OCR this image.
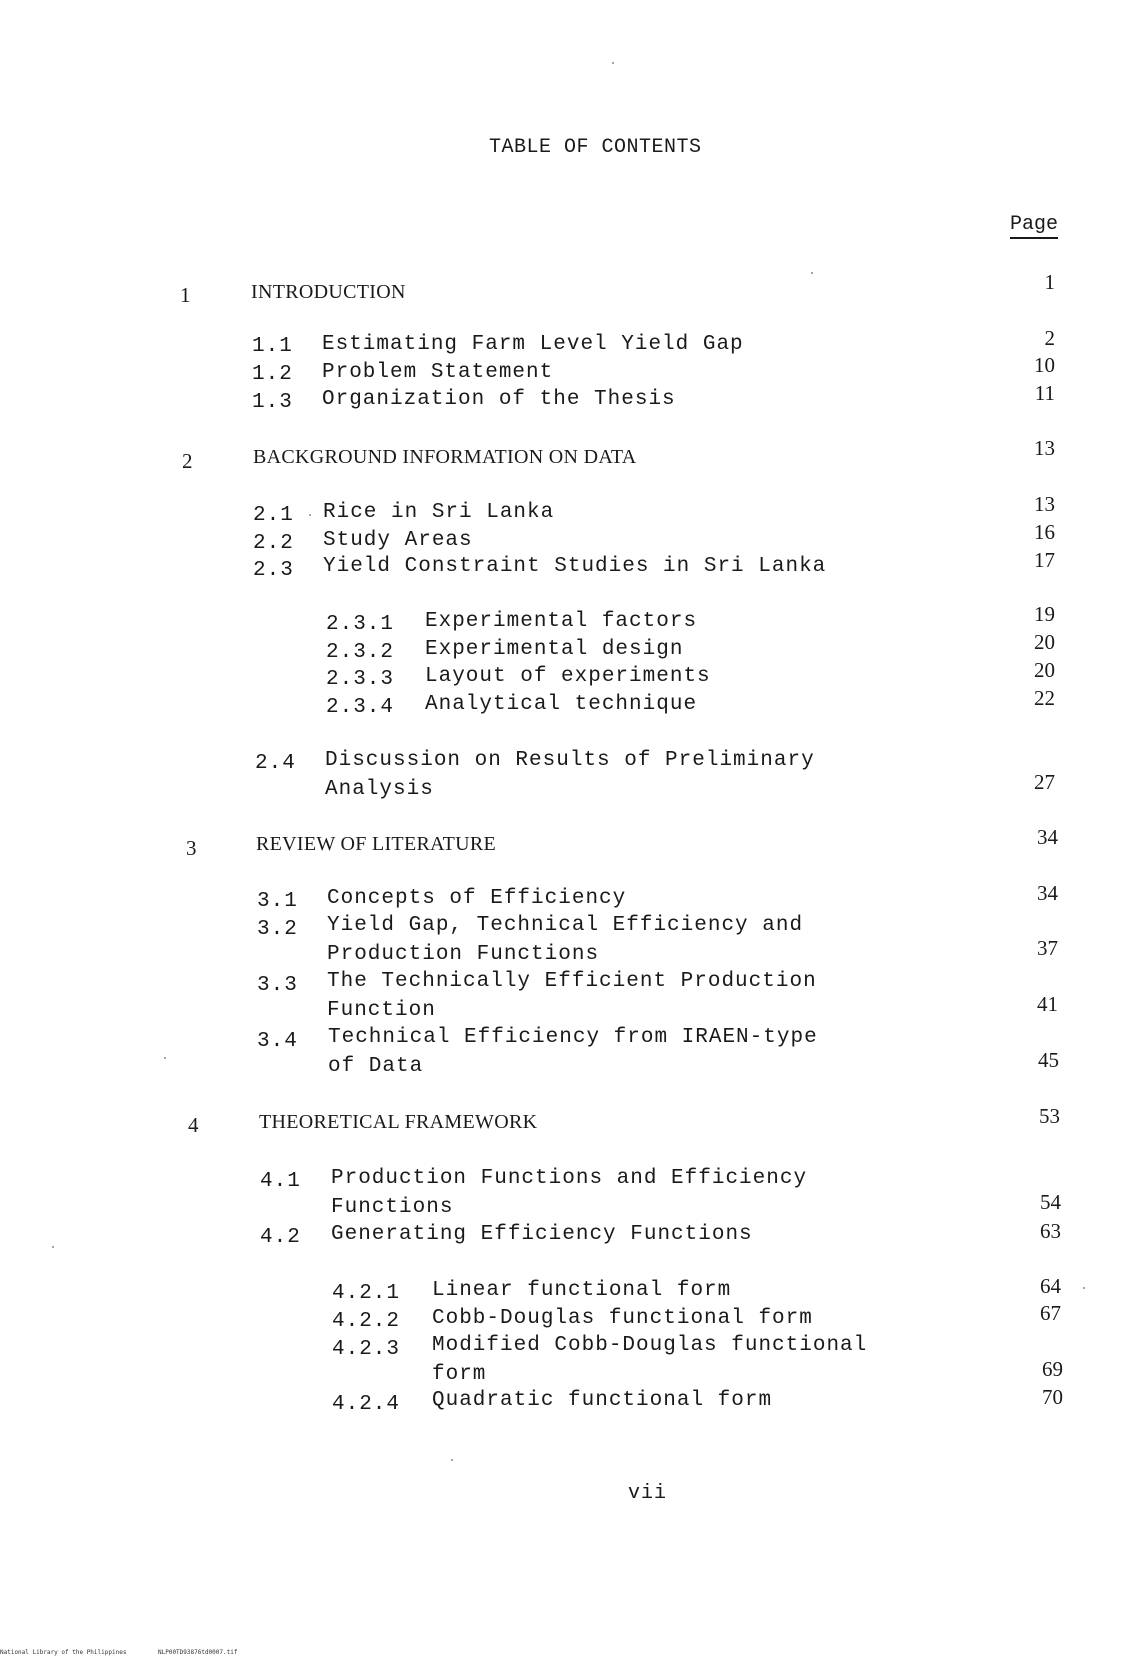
TABLE OF CONTENTS
Page
1	INTRODUCTION	1
1.1 Estimating Farm Level Yield Gap	2
1.2 Problem Statement	10
1.3 Organization of the Thesis	11
2	BACKGROUND INFORMATION ON DATA	13
2.1 Rice in Sri Lanka	13
2.2 Study Areas	16
2.3 Yield Constraint Studies in Sri Lanka	17
2.3.1 Experimental factors	19
2.3.2 Experimental design	20
2.3.3 Layout of experiments	20
2.3.4 Analytical technique	22
2.4 Discussion on Results of Preliminary
Analysis	27
3	REVIEW OF LITERATURE	34
3.1 Concepts of Efficiency	34
3.2 Yield Gap, Technical Efficiency and
Production Functions	37
3.3 The Technically Efficient Production
Function	41
3.4 Technical Efficiency from IRAEN-type
of Data	45
4	THEORETICAL FRAMEWORK	53
4.1 Production Functions and Efficiency
Functions	54
4.2 Generating Efficiency Functions	63
4.2.1 Linear functional form	64
4.2.2 Cobb-Douglas functional form	67
4.2.3 Modified Cobb-Douglas functional
form	69
4.2.4 Quadratic functional form	70
vii
National Library of the Philippines	NLP00TD93876td0007.tif
